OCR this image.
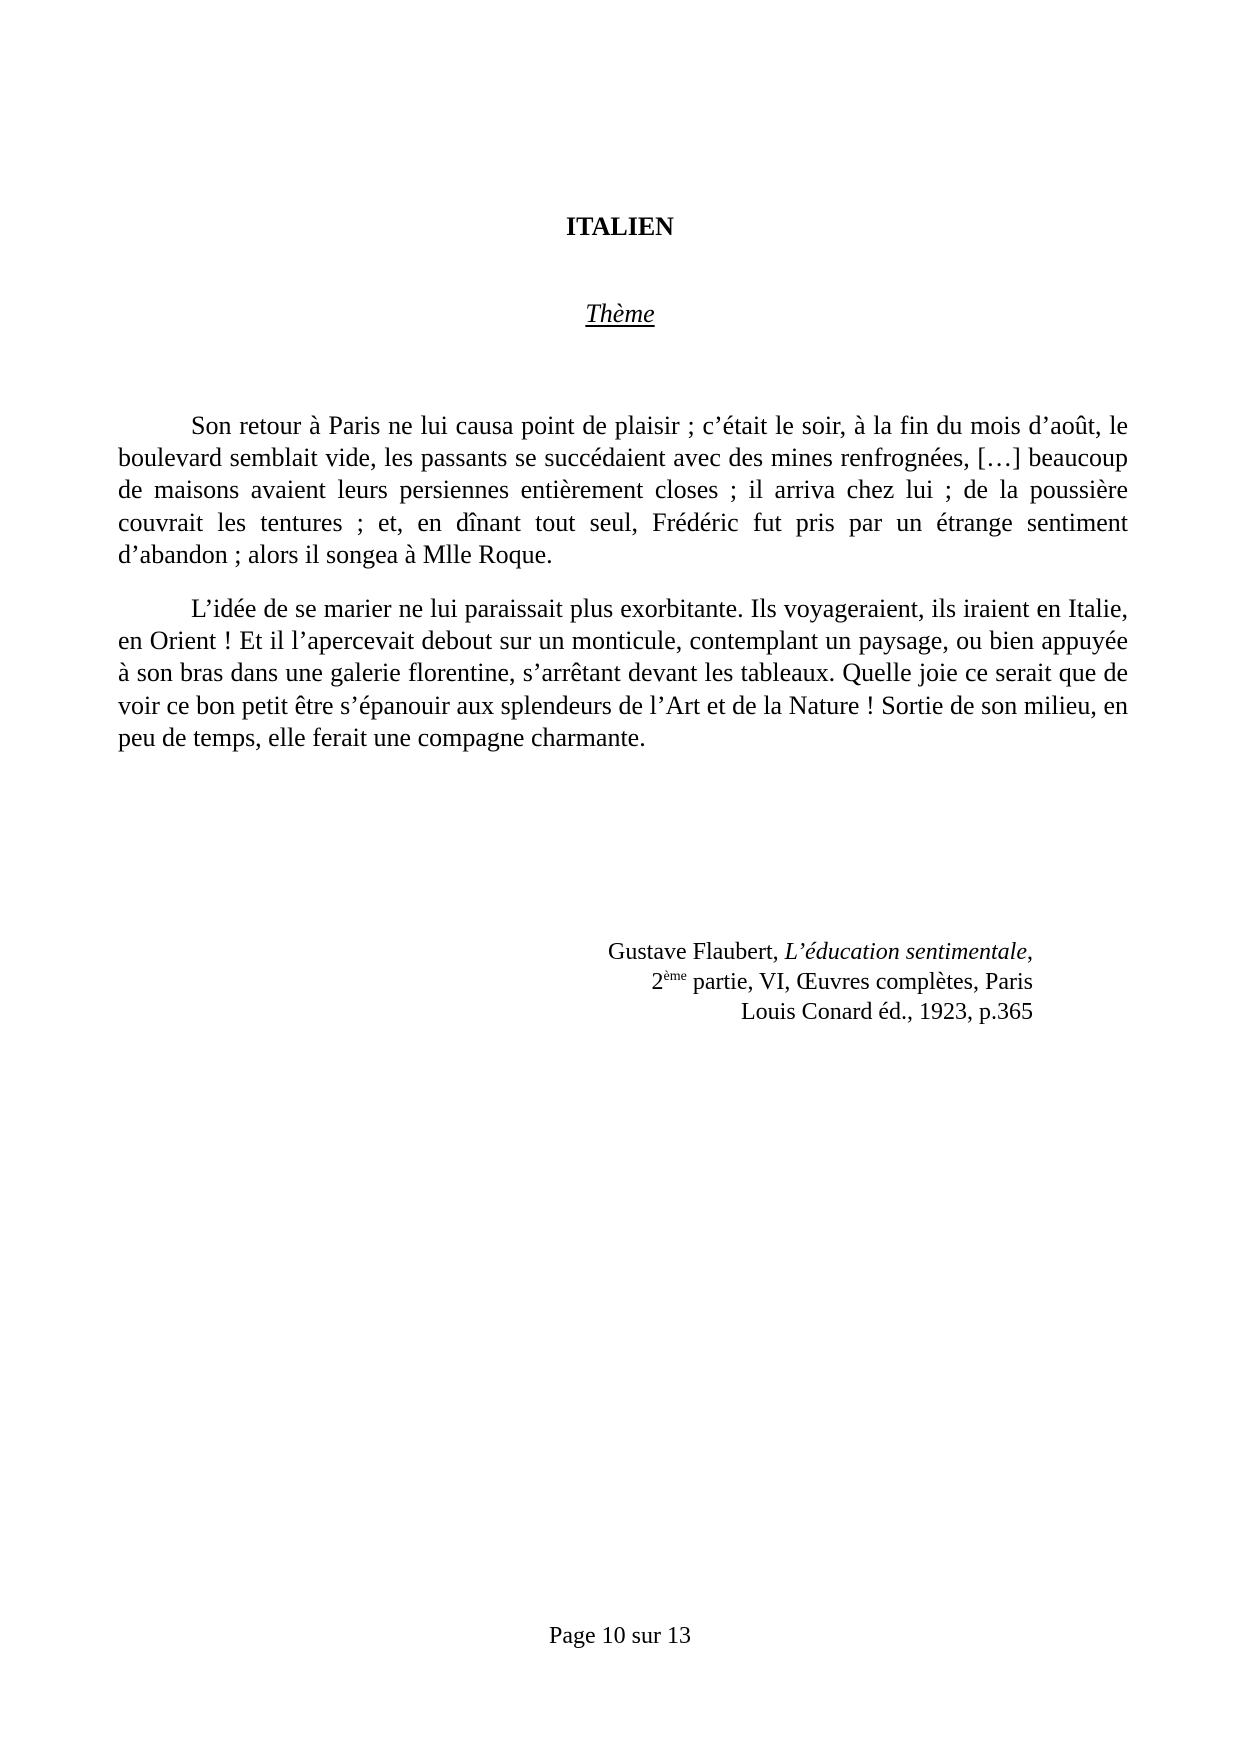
ITALIEN
Thème

Son retour à Paris ne lui causa point de plaisir ; c’était le soir, à la fin du mois d’août, le boulevard semblait vide, les passants se succédaient avec des mines renfrognées, […] beaucoup de maisons avaient leurs persiennes entièrement closes ; il arriva chez lui ; de la poussière couvrait les tentures ; et, en dînant tout seul, Frédéric fut pris par un étrange sentiment d’abandon ; alors il songea à Mlle Roque.

L’idée de se marier ne lui paraissait plus exorbitante. Ils voyageraient, ils iraient en Italie, en Orient ! Et il l’apercevait debout sur un monticule, contemplant un paysage, ou bien appuyée à son bras dans une galerie florentine, s’arrêtant devant les tableaux. Quelle joie ce serait que de voir ce bon petit être s’épanouir aux splendeurs de l’Art et de la Nature ! Sortie de son milieu, en peu de temps, elle ferait une compagne charmante.

Gustave Flaubert, L’éducation sentimentale,
2ème partie, VI, Œuvres complètes, Paris
Louis Conard éd., 1923, p.365
Page 10 sur 13
